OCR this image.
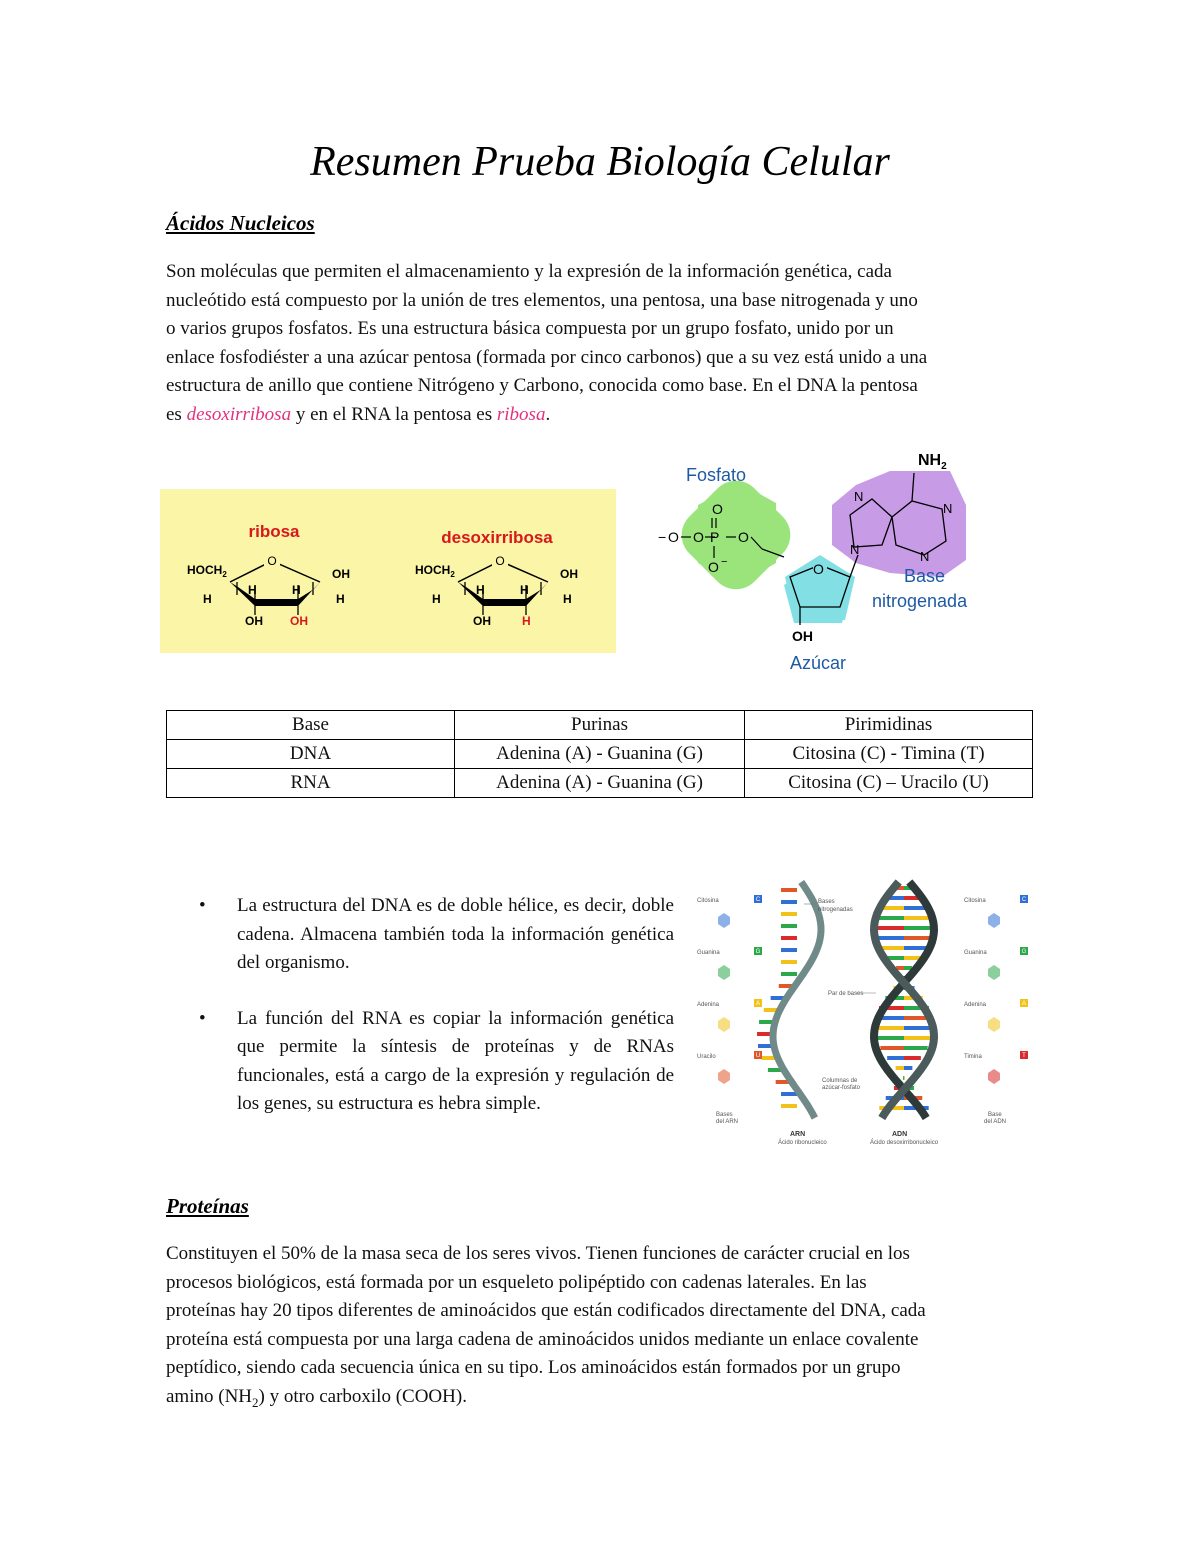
Resumen Prueba Biología Celular
Ácidos Nucleicos
Son moléculas que permiten el almacenamiento y la expresión de la información genética, cada
nucleótido está compuesto por la unión de tres elementos, una pentosa, una base nitrogenada y uno
o varios grupos fosfatos. Es una estructura básica compuesta por un grupo fosfato, unido por un
enlace fosfodiéster a una azúcar pentosa (formada por cinco carbonos) que a su vez está unido a una
estructura de anillo que contiene Nitrógeno y Carbono, conocida como base. En el DNA la pentosa
es desoxirribosa y en el RNA la pentosa es ribosa.
ribosa	desoxirribosa
O
$HOCH_2$	OH
H	H
H	H
OH OH
O
$HOCH_2$	OH
H	H
H	H
OH	H
Fosfato
Base
nitrogenada
Azúcar
O
− O O P O
O −	O
OH
N
N
N
N
$NH_2$
Base	Purinas	Pirimidinas
DNA	Adenina (A) - Guanina (G)	Citosina (C) - Timina (T)
RNA	Adenina (A) - Guanina (G)	Citosina (C) – Uracilo (U)
• La estructura del DNA es de doble hélice, es decir, doble cadena. Almacena también toda la información genética del organismo.
• La función del RNA es copiar la información genética que permite la síntesis de proteínas y de RNAs funcionales, está a cargo de la expresión y regulación de los genes, su estructura es hebra simple.
Citosina	C
Guanina	G
Adenina	A
Uracilo	U
Citosina	C
Guanina	G
Adenina	A
Timina	T
Bases
nitrogenadas
Par de bases
Columnas de
azúcar-fosfato
Bases
del ARN
Base
del ADN
ARN
Ácido ribonucleico
ADN
Ácido desoxirribonucleico
Proteínas
Constituyen el 50% de la masa seca de los seres vivos. Tienen funciones de carácter crucial en los
procesos biológicos, está formada por un esqueleto polipéptido con cadenas laterales. En las
proteínas hay 20 tipos diferentes de aminoácidos que están codificados directamente del DNA, cada
proteína está compuesta por una larga cadena de aminoácidos unidos mediante un enlace covalente
peptídico, siendo cada secuencia única en su tipo. Los aminoácidos están formados por un grupo
amino $(NH_2)$ y otro carboxilo (COOH).
